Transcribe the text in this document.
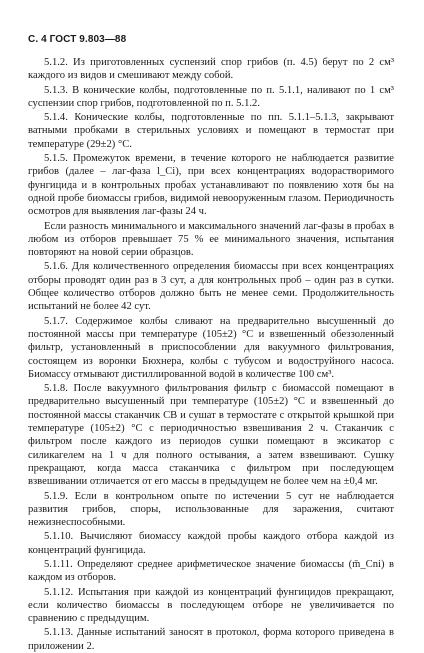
С. 4 ГОСТ 9.803—88

5.1.2. Из приготовленных суспензий спор грибов (п. 4.5) берут по 2 см³ каждого из видов и смешивают между собой.

5.1.3. В конические колбы, подготовленные по п. 5.1.1, наливают по 1 см³ суспензии спор грибов, подготовленной по п. 5.1.2.

5.1.4. Конические колбы, подготовленные по пп. 5.1.1–5.1.3, закрывают ватными пробками в стерильных условиях и помещают в термостат при температуре (29±2) °С.

5.1.5. Промежуток времени, в течение которого не наблюдается развитие грибов (далее – лаг-фаза l_Ci), при всех концентрациях водорастворимого фунгицида и в контрольных пробах устанавливают по появлению хотя бы на одной пробе биомассы грибов, видимой невооруженным глазом. Периодичность осмотров для выявления лаг-фазы 24 ч.

Если разность минимального и максимального значений лаг-фазы в пробах в любом из отборов превышает 75 % ее минимального значения, испытания повторяют на новой серии образцов.

5.1.6. Для количественного определения биомассы при всех концентрациях отборы проводят один раз в 3 сут, а для контрольных проб – один раз в сутки. Общее количество отборов должно быть не менее семи. Продолжительность испытаний не более 42 сут.

5.1.7. Содержимое колбы сливают на предварительно высушенный до постоянной массы при температуре (105±2) °С и взвешенный обеззоленный фильтр, установленный в приспособлении для вакуумного фильтрования, состоящем из воронки Бюхнера, колбы с тубусом и водоструйного насоса. Биомассу отмывают дистиллированной водой в количестве 100 см³.

5.1.8. После вакуумного фильтрования фильтр с биомассой помещают в предварительно высушенный при температуре (105±2) °С и взвешенный до постоянной массы стаканчик СВ и сушат в термостате с открытой крышкой при температуре (105±2) °С с периодичностью взвешивания 2 ч. Стаканчик с фильтром после каждого из периодов сушки помещают в эксикатор с силикагелем на 1 ч для полного остывания, а затем взвешивают. Сушку прекращают, когда масса стаканчика с фильтром при последующем взвешивании отличается от его массы в предыдущем не более чем на ±0,4 мг.

5.1.9. Если в контрольном опыте по истечении 5 сут не наблюдается развития грибов, споры, использованные для заражения, считают нежизнеспособными.

5.1.10. Вычисляют биомассу каждой пробы каждого отбора каждой из концентраций фунгицида.

5.1.11. Определяют среднее арифметическое значение биомассы (m̄_Cni) в каждом из отборов.

5.1.12. Испытания при каждой из концентраций фунгицидов прекращают, если количество биомассы в последующем отборе не увеличивается по сравнению с предыдущим.

5.1.13. Данные испытаний заносят в протокол, форма которого приведена в приложении 2.
